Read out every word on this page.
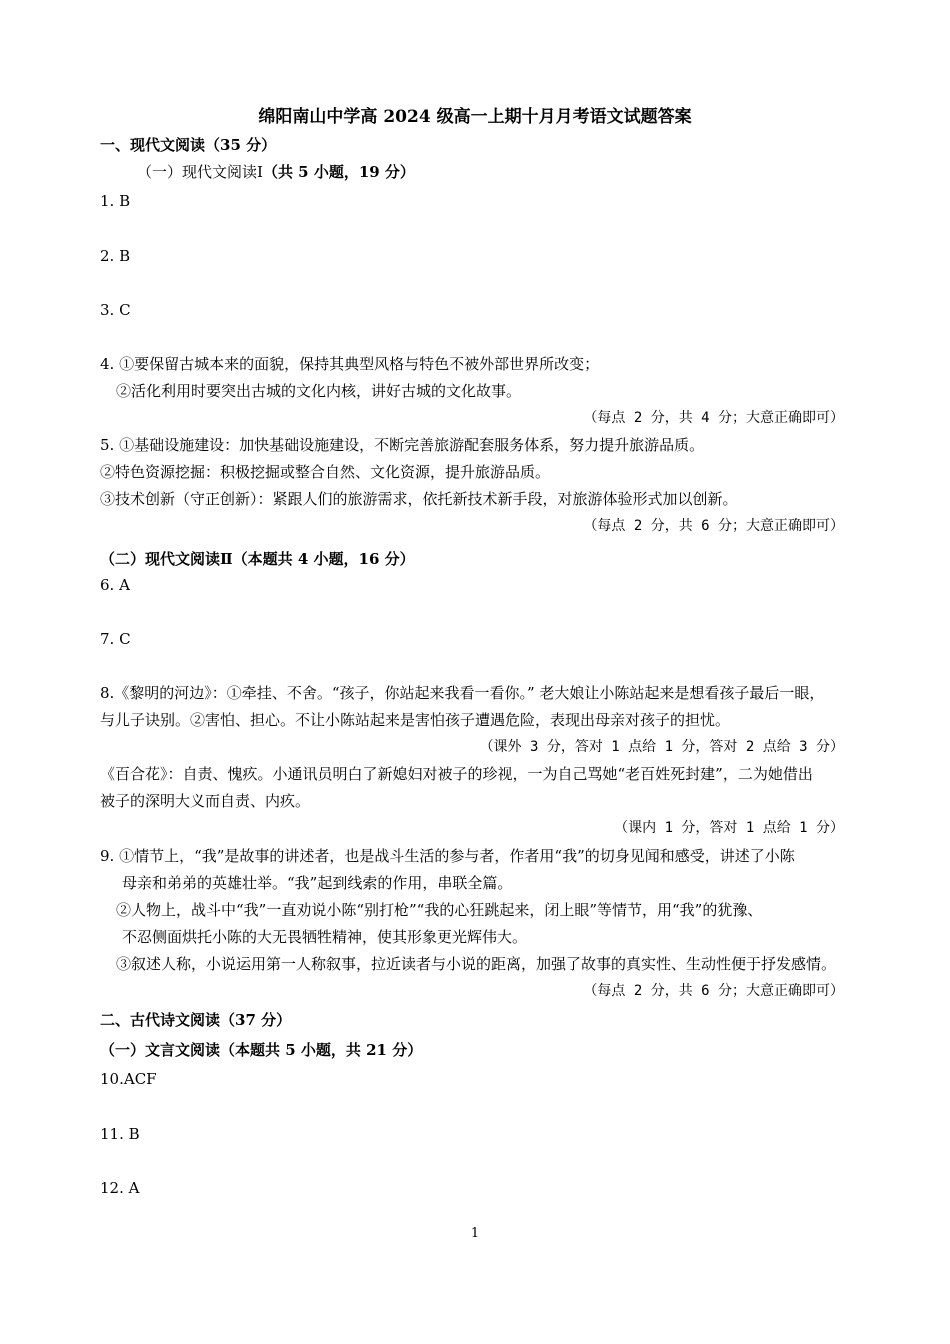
绵阳南山中学高 2024 级高一上期十月月考语文试题答案
一、现代文阅读（35 分）
（一）现代文阅读Ⅰ（共 5 小题，19 分）
1. B
2. B
3. C
4. ①要保留古城本来的面貌，保持其典型风格与特色不被外部世界所改变；
②活化利用时要突出古城的文化内核，讲好古城的文化故事。
（每点 2 分，共 4 分；大意正确即可）
5. ①基础设施建设：加快基础设施建设，不断完善旅游配套服务体系，努力提升旅游品质。
②特色资源挖掘：积极挖掘或整合自然、文化资源，提升旅游品质。
③技术创新（守正创新）：紧跟人们的旅游需求，依托新技术新手段，对旅游体验形式加以创新。
（每点 2 分，共 6 分；大意正确即可）
（二）现代文阅读Ⅱ（本题共 4 小题，16 分）
6. A
7. C
8.《黎明的河边》：①牵挂、不舍。“孩子，你站起来我看一看你。” 老大娘让小陈站起来是想看孩子最后一眼，
与儿子诀别。②害怕、担心。不让小陈站起来是害怕孩子遭遇危险，表现出母亲对孩子的担忧。
（课外 3 分，答对 1 点给 1 分，答对 2 点给 3 分）
《百合花》：自责、愧疚。小通讯员明白了新媳妇对被子的珍视，一为自己骂她“老百姓死封建”，二为她借出
被子的深明大义而自责、内疚。
（课内 1 分，答对 1 点给 1 分）
9. ①情节上，“我”是故事的讲述者，也是战斗生活的参与者，作者用“我”的切身见闻和感受，讲述了小陈
母亲和弟弟的英雄壮举。“我”起到线索的作用，串联全篇。
②人物上，战斗中“我”一直劝说小陈“别打枪”“我的心狂跳起来，闭上眼”等情节，用“我”的犹豫、
不忍侧面烘托小陈的大无畏牺牲精神，使其形象更光辉伟大。
③叙述人称，小说运用第一人称叙事，拉近读者与小说的距离，加强了故事的真实性、生动性便于抒发感情。
（每点 2 分，共 6 分；大意正确即可）
二、古代诗文阅读（37 分）
（一）文言文阅读（本题共 5 小题，共 21 分）
10.ACF
11. B
12. A
1
